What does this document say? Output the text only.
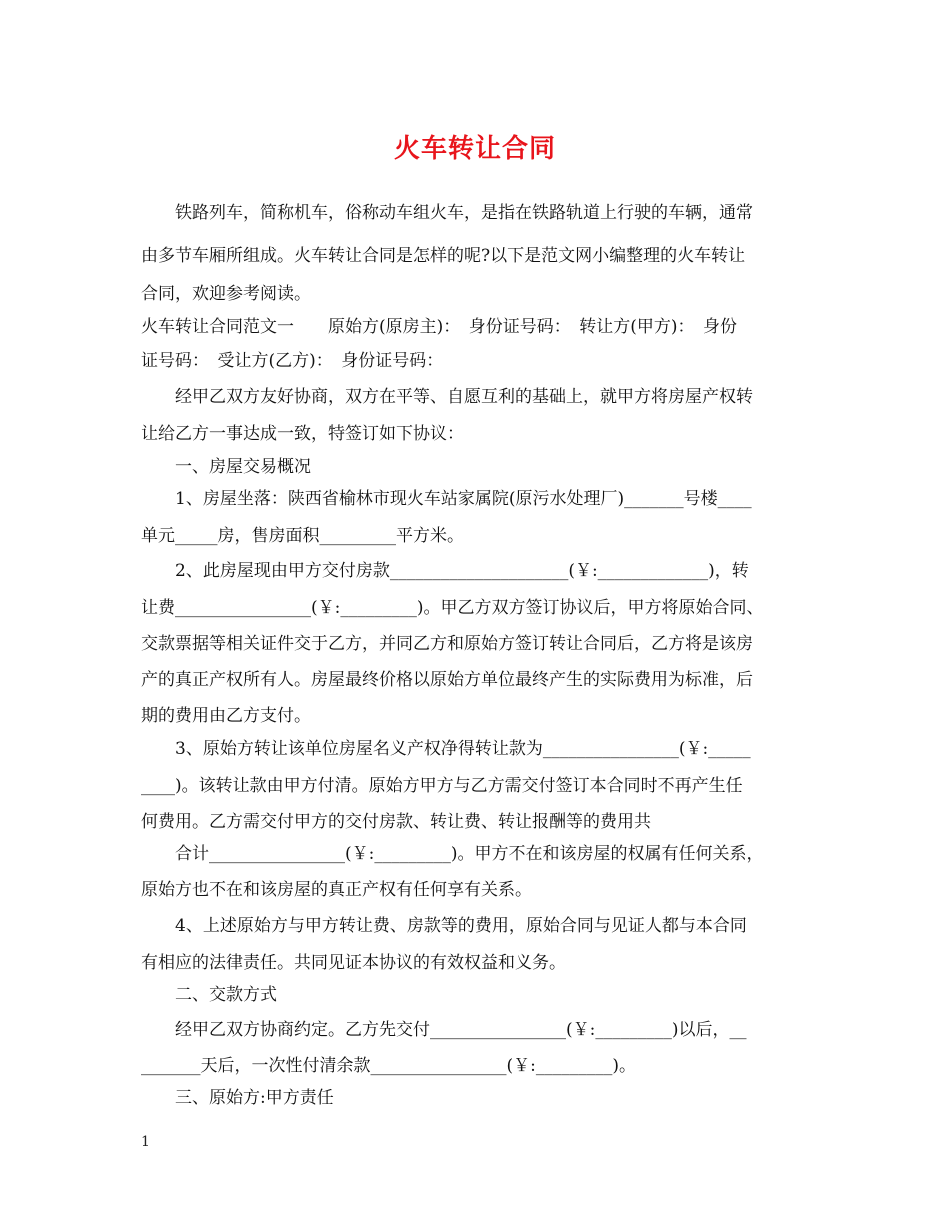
火车转让合同
　　铁路列车，简称机车，俗称动车组火车，是指在铁路轨道上行驶的车辆，通常
由多节车厢所组成。火车转让合同是怎样的呢?以下是范文网小编整理的火车转让
合同，欢迎参考阅读。
火车转让合同范文一　　原始方(原房主)：　身份证号码：　转让方(甲方)：　身份
证号码：　受让方(乙方)：　身份证号码：
　　经甲乙双方友好协商，双方在平等、自愿互利的基础上，就甲方将房屋产权转
让给乙方一事达成一致，特签订如下协议：
　　一、房屋交易概况
　　1、房屋坐落：陕西省榆林市现火车站家属院(原污水处理厂)_______号楼____
单元_____房，售房面积_________平方米。
　　2、此房屋现由甲方交付房款_____________________(￥:_____________)，转
让费________________(￥:_________)。甲乙方双方签订协议后，甲方将原始合同、
交款票据等相关证件交于乙方，并同乙方和原始方签订转让合同后，乙方将是该房
产的真正产权所有人。房屋最终价格以原始方单位最终产生的实际费用为标准，后
期的费用由乙方支付。
　　3、原始方转让该单位房屋名义产权净得转让款为________________(￥:_____
____)。该转让款由甲方付清。原始方甲方与乙方需交付签订本合同时不再产生任
何费用。乙方需交付甲方的交付房款、转让费、转让报酬等的费用共
　　合计________________(￥:_________)。甲方不在和该房屋的权属有任何关系，
原始方也不在和该房屋的真正产权有任何享有关系。
　　4、上述原始方与甲方转让费、房款等的费用，原始合同与见证人都与本合同
有相应的法律责任。共同见证本协议的有效权益和义务。
　　二、交款方式
　　经甲乙双方协商约定。乙方先交付________________(￥:_________)以后，__
_______天后，一次性付清余款________________(￥:_________)。
　　三、原始方:甲方责任
1
